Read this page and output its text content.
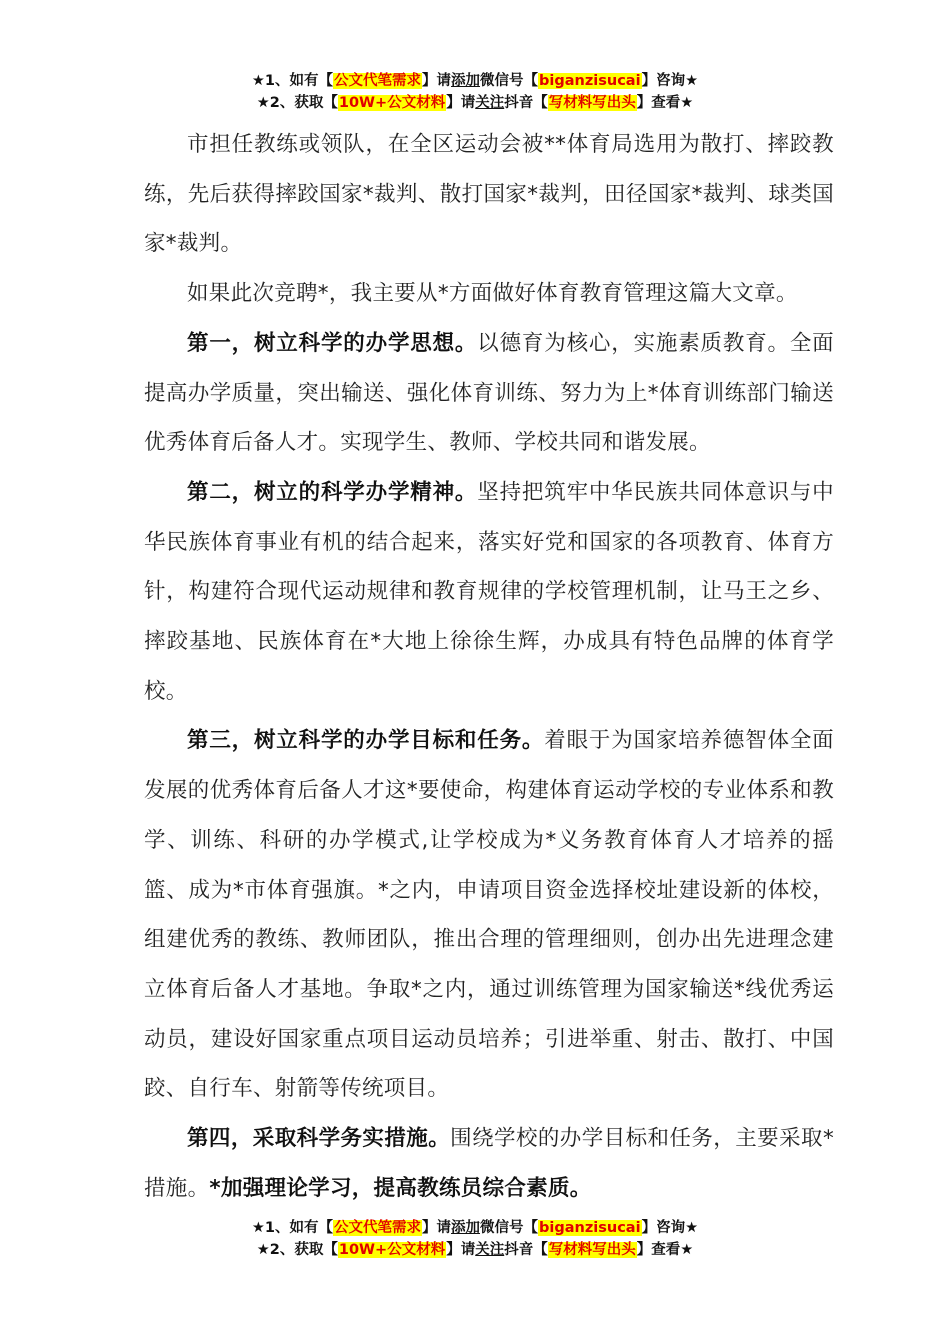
★1、如有【公文代笔需求】请添加微信号【biganzisucai】咨询★
★2、获取【10W+公文材料】请关注抖音【写材料写出头】查看★

市担任教练或领队，在全区运动会被**体育局选用为散打、摔跤教练，先后获得摔跤国家*裁判、散打国家*裁判，田径国家*裁判、球类国家*裁判。

如果此次竞聘*，我主要从*方面做好体育教育管理这篇大文章。

第一，树立科学的办学思想。以德育为核心，实施素质教育。全面提高办学质量，突出输送、强化体育训练、努力为上*体育训练部门输送优秀体育后备人才。实现学生、教师、学校共同和谐发展。

第二，树立的科学办学精神。坚持把筑牢中华民族共同体意识与中华民族体育事业有机的结合起来，落实好党和国家的各项教育、体育方针，构建符合现代运动规律和教育规律的学校管理机制，让马王之乡、摔跤基地、民族体育在*大地上徐徐生辉，办成具有特色品牌的体育学校。

第三，树立科学的办学目标和任务。着眼于为国家培养德智体全面发展的优秀体育后备人才这*要使命，构建体育运动学校的专业体系和教学、训练、科研的办学模式,让学校成为*义务教育体育人才培养的摇篮、成为*市体育强旗。*之内，申请项目资金选择校址建设新的体校，组建优秀的教练、教师团队，推出合理的管理细则，创办出先进理念建立体育后备人才基地。争取*之内，通过训练管理为国家输送*线优秀运动员，建设好国家重点项目运动员培养；引进举重、射击、散打、中国跤、自行车、射箭等传统项目。

第四，采取科学务实措施。围绕学校的办学目标和任务，主要采取*措施。*加强理论学习，提高教练员综合素质。

★1、如有【公文代笔需求】请添加微信号【biganzisucai】咨询★
★2、获取【10W+公文材料】请关注抖音【写材料写出头】查看★
